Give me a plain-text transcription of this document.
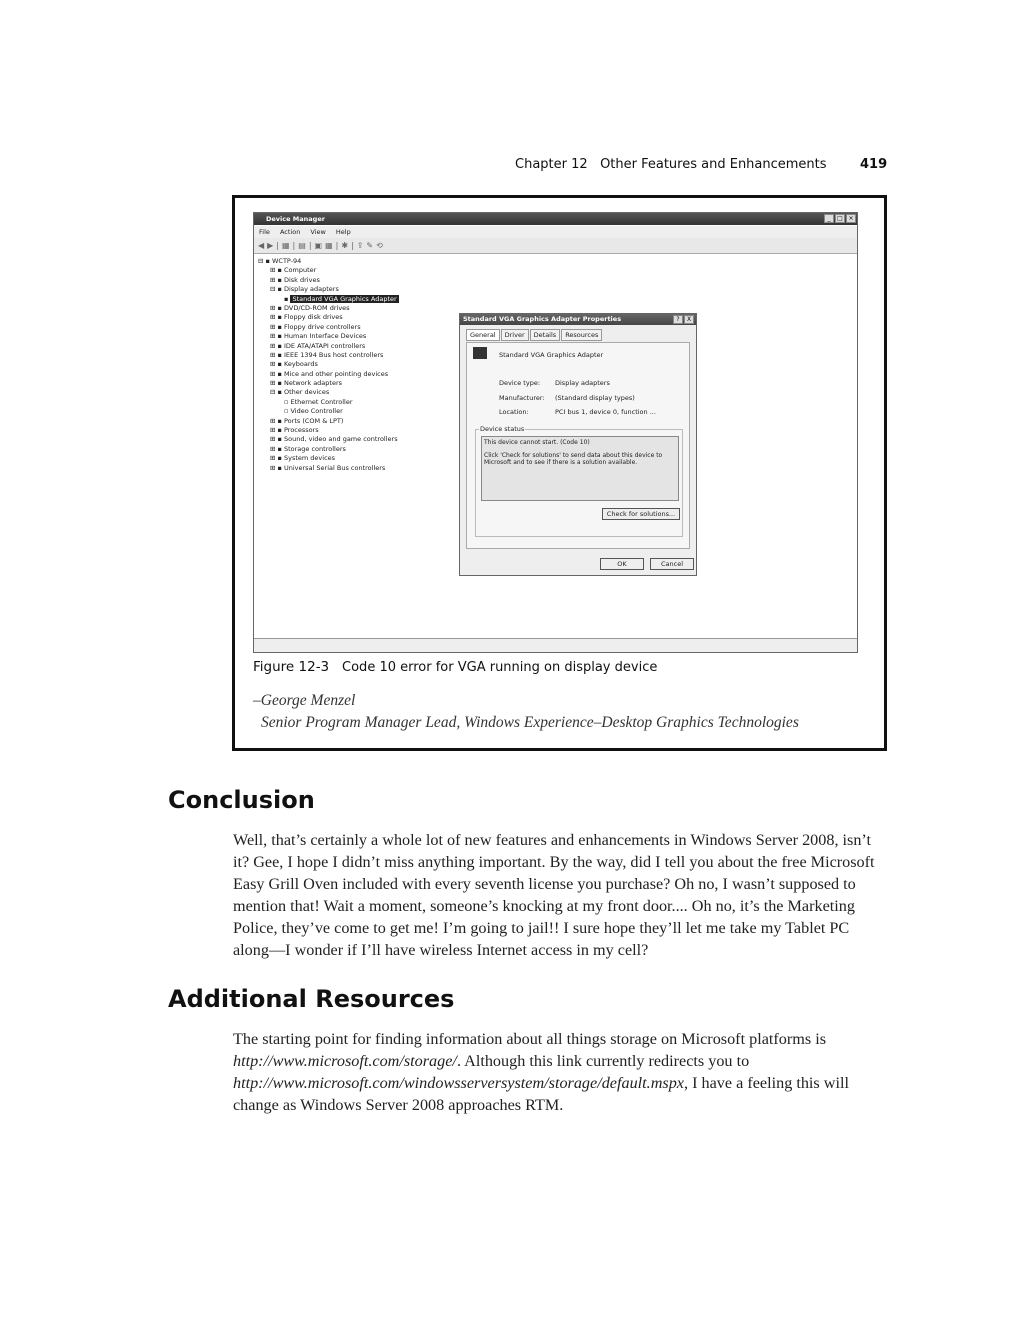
Chapter 12 Other Features and Enhancements	419
Device Manager	_	□ ×
File Action View Help
◀▶|▦|▤|▣▦|✱|⇪✎⟲
⊟ ▪ WCTP-94
⊞ ▪ Computer
⊞ ▪ Disk drives
⊟ ▪ Display adapters
▪ Standard VGA Graphics Adapter
⊞ ▪ DVD/CD-ROM drives
⊞ ▪ Floppy disk drives
⊞ ▪ Floppy drive controllers
⊞ ▪ Human Interface Devices
⊞ ▪ IDE ATA/ATAPI controllers
⊞ ▪ IEEE 1394 Bus host controllers
⊞ ▪ Keyboards
⊞ ▪ Mice and other pointing devices
⊞ ▪ Network adapters
⊟ ▪ Other devices
▫ Ethernet Controller
▫ Video Controller
⊞ ▪ Ports (COM & LPT)
⊞ ▪ Processors
⊞ ▪ Sound, video and game controllers
⊞ ▪ Storage controllers
⊞ ▪ System devices
⊞ ▪ Universal Serial Bus controllers
Standard VGA Graphics Adapter Properties	?	X
General Driver Details Resources
Standard VGA Graphics Adapter
Device type: Display adapters
Manufacturer: (Standard display types)
Location:	PCI bus 1, device 0, function ...
Device status
This device cannot start. (Code 10)
Click 'Check for solutions' to send data about this device to Microsoft and to see if there is a solution available.
Check for solutions...
OK	Cancel
Figure 12-3 Code 10 error for VGA running on display device
–George Menzel
Senior Program Manager Lead, Windows Experience–Desktop Graphics Technologies
Conclusion

Well, that’s certainly a whole lot of new features and enhancements in Windows Server 2008, isn’t it? Gee, I hope I didn’t miss anything important. By the way, did I tell you about the free Microsoft Easy Grill Oven included with every seventh license you purchase? Oh no, I wasn’t supposed to mention that! Wait a moment, someone’s knocking at my front door.... Oh no, it’s the Marketing Police, they’ve come to get me! I’m going to jail!! I sure hope they’ll let me take my Tablet PC along—I wonder if I’ll have wireless Internet access in my cell?

Additional Resources

The starting point for finding information about all things storage on Microsoft platforms is http://www.microsoft.com/storage/. Although this link currently redirects you to http://www.microsoft.com/windowsserversystem/storage/default.mspx, I have a feeling this will change as Windows Server 2008 approaches RTM.
